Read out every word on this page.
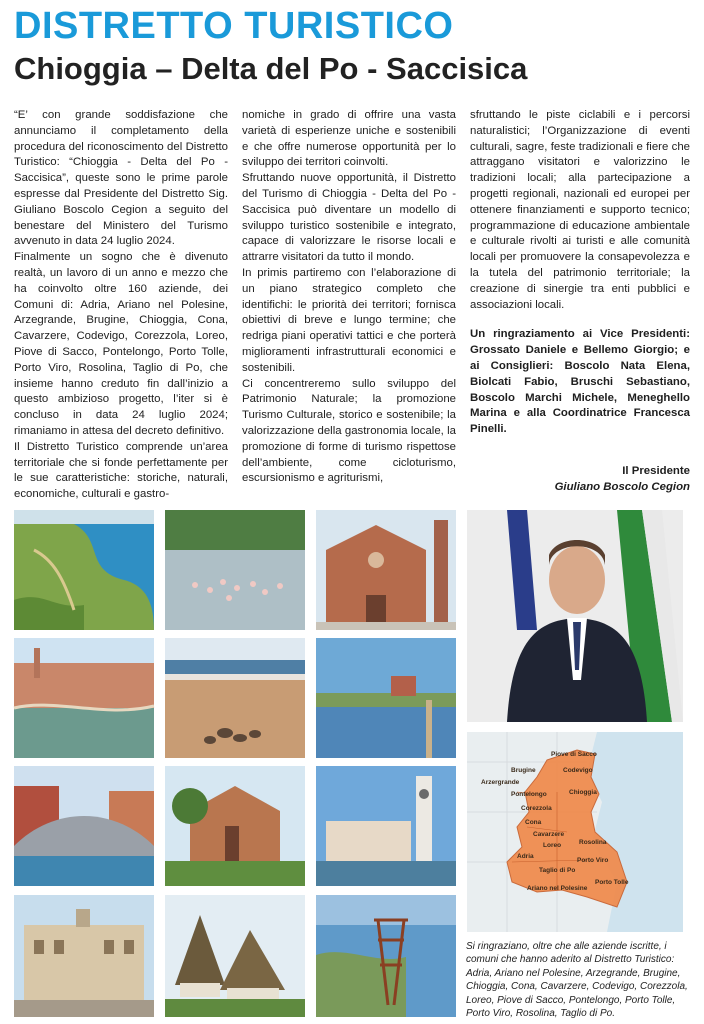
DISTRETTO TURISTICO
Chioggia – Delta del Po - Saccisica

“E’ con grande soddisfazione che annunciamo il completamento della procedura del riconoscimento del Distretto Turistico: “Chioggia - Delta del Po - Saccisica”, queste sono le prime parole espresse dal Presidente del Distretto Sig. Giuliano Boscolo Cegion a seguito del benestare del Ministero del Turismo avvenuto in data 24 luglio 2024.

Finalmente un sogno che è divenuto realtà, un lavoro di un anno e mezzo che ha coinvolto oltre 160 aziende, dei Comuni di: Adria, Ariano nel Polesine, Arzegrande, Brugine, Chioggia, Cona, Cavarzere, Codevigo, Corezzola, Loreo, Piove di Sacco, Pontelongo, Porto Tolle, Porto Viro, Rosolina, Taglio di Po, che insieme hanno creduto fin dall’inizio a questo ambizioso progetto, l’iter si è concluso in data 24 luglio 2024; rimaniamo in attesa del decreto definitivo.

Il Distretto Turistico comprende un’area territoriale che si fonde perfettamente per le sue caratteristiche: storiche, naturali, economiche, culturali e gastro-

nomiche in grado di offrire una vasta varietà di esperienze uniche e sostenibili e che offre numerose opportunità per lo sviluppo dei territori coinvolti.

Sfruttando nuove opportunità, il Distretto del Turismo di Chioggia - Delta del Po - Saccisica può diventare un modello di sviluppo turistico sostenibile e integrato, capace di valorizzare le risorse locali e attrarre visitatori da tutto il mondo.

In primis partiremo con l’elaborazione di un piano strategico completo che identifichi: le priorità dei territori; fornisca obiettivi di breve e lungo termine; che redriga piani operativi tattici e che porterà miglioramenti infrastrutturali economici e sostenibili.

Ci concentreremo sullo sviluppo del Patrimonio Naturale; la promozione Turismo Culturale, storico e sostenibile; la valorizzazione della gastronomia locale, la promozione di forme di turismo rispettose dell’ambiente, come cicloturismo, escursionismo e agriturismi,

sfruttando le piste ciclabili e i percorsi naturalistici; l’Organizzazione di eventi culturali, sagre, feste tradizionali e fiere che attraggano visitatori e valorizzino le tradizioni locali; alla partecipazione a progetti regionali, nazionali ed europei per ottenere finanziamenti e supporto tecnico; programmazione di educazione ambientale e culturale rivolti ai turisti e alle comunità locali per promuovere la consapevolezza e la tutela del patrimonio territoriale; la creazione di sinergie tra enti pubblici e associazioni locali.

Un ringraziamento ai Vice Presidenti: Grossato Daniele e Bellemo Giorgio; e ai Consiglieri: Boscolo Nata Elena, Biolcati Fabio, Bruschi Sebastiano, Boscolo Marchi Michele, Meneghello Marina e alla Coordinatrice Francesca Pinelli.

Il Presidente
Giuliano Boscolo Cegion
Piove di Sacco
Brugine	Codevigo
Arzergrande
Pontelongo	Chioggia
Corezzola
Cona
Cavarzere
Loreo	Rosolina
Adria
Porto Viro
Taglio di Po
Porto Tolle
Ariano nel Polesine
Si ringraziano, oltre che alle aziende iscritte, i comuni che hanno aderito al Distretto Turistico: Adria, Ariano nel Polesine, Arzegrande, Brugine, Chioggia, Cona, Cavarzere, Codevigo, Corezzola, Loreo, Piove di Sacco, Pontelongo, Porto Tolle, Porto Viro, Rosolina, Taglio di Po.
